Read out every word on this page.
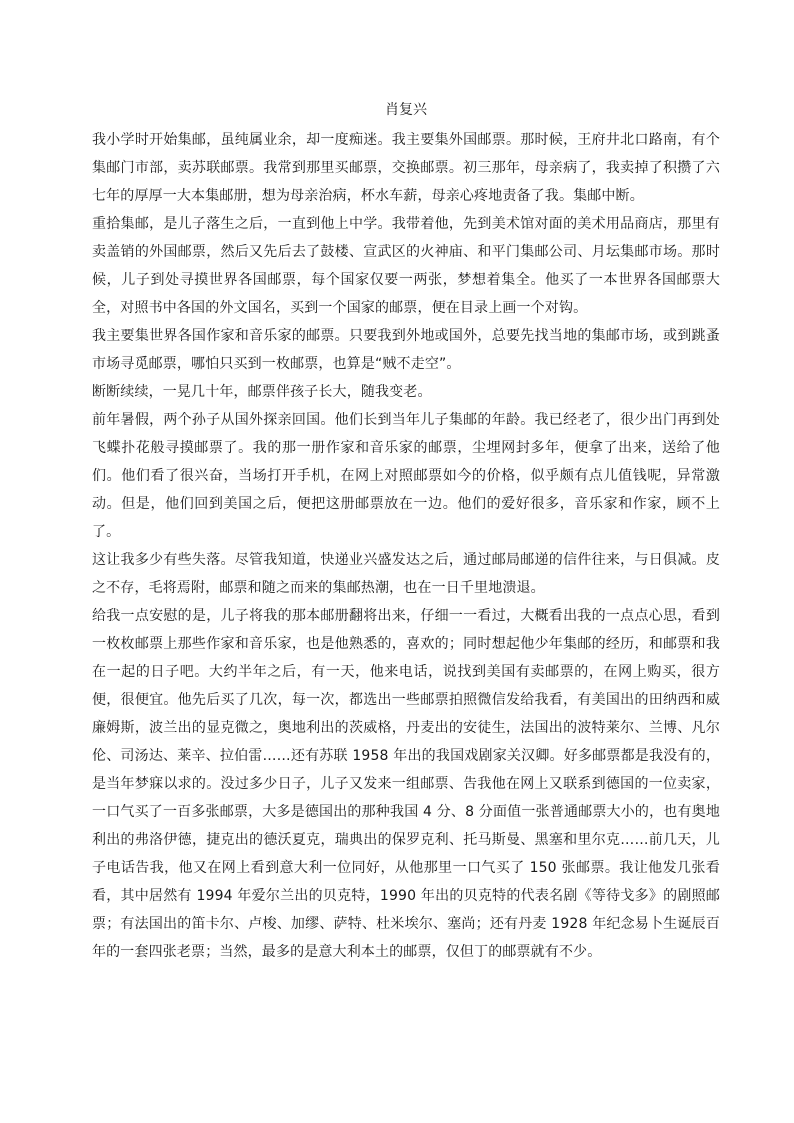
肖复兴

我小学时开始集邮，虽纯属业余，却一度痴迷。我主要集外国邮票。那时候，王府井北口路南，有个集邮门市部，卖苏联邮票。我常到那里买邮票，交换邮票。初三那年，母亲病了，我卖掉了积攒了六七年的厚厚一大本集邮册，想为母亲治病，杯水车薪，母亲心疼地责备了我。集邮中断。

重拾集邮，是儿子落生之后，一直到他上中学。我带着他，先到美术馆对面的美术用品商店，那里有卖盖销的外国邮票，然后又先后去了鼓楼、宣武区的火神庙、和平门集邮公司、月坛集邮市场。那时候，儿子到处寻摸世界各国邮票，每个国家仅要一两张，梦想着集全。他买了一本世界各国邮票大全，对照书中各国的外文国名，买到一个国家的邮票，便在目录上画一个对钩。

我主要集世界各国作家和音乐家的邮票。只要我到外地或国外，总要先找当地的集邮市场，或到跳蚤市场寻觅邮票，哪怕只买到一枚邮票，也算是“贼不走空”。

断断续续，一晃几十年，邮票伴孩子长大，随我变老。

前年暑假，两个孙子从国外探亲回国。他们长到当年儿子集邮的年龄。我已经老了，很少出门再到处飞蝶扑花般寻摸邮票了。我的那一册作家和音乐家的邮票，尘埋网封多年，便拿了出来，送给了他们。他们看了很兴奋，当场打开手机，在网上对照邮票如今的价格，似乎颇有点儿值钱呢，异常激动。但是，他们回到美国之后，便把这册邮票放在一边。他们的爱好很多，音乐家和作家，顾不上了。

这让我多少有些失落。尽管我知道，快递业兴盛发达之后，通过邮局邮递的信件往来，与日俱减。皮之不存，毛将焉附，邮票和随之而来的集邮热潮，也在一日千里地溃退。

给我一点安慰的是，儿子将我的那本邮册翻将出来，仔细一一看过，大概看出我的一点点心思，看到一枚枚邮票上那些作家和音乐家，也是他熟悉的，喜欢的；同时想起他少年集邮的经历，和邮票和我在一起的日子吧。大约半年之后，有一天，他来电话，说找到美国有卖邮票的，在网上购买，很方便，很便宜。他先后买了几次，每一次，都选出一些邮票拍照微信发给我看，有美国出的田纳西和威廉姆斯，波兰出的显克微之，奥地利出的茨威格，丹麦出的安徒生，法国出的波特莱尔、兰博、凡尔伦、司汤达、莱辛、拉伯雷……还有苏联 1958 年出的我国戏剧家关汉卿。好多邮票都是我没有的，是当年梦寐以求的。没过多少日子，儿子又发来一组邮票、告我他在网上又联系到德国的一位卖家，一口气买了一百多张邮票，大多是德国出的那种我国 4 分、8 分面值一张普通邮票大小的，也有奥地利出的弗洛伊德，捷克出的德沃夏克，瑞典出的保罗克利、托马斯曼、黑塞和里尔克……前几天，儿子电话告我，他又在网上看到意大利一位同好，从他那里一口气买了 150 张邮票。我让他发几张看看，其中居然有 1994 年爱尔兰出的贝克特，1990 年出的贝克特的代表名剧《等待戈多》的剧照邮票；有法国出的笛卡尔、卢梭、加缪、萨特、杜米埃尔、塞尚；还有丹麦 1928 年纪念易卜生诞辰百年的一套四张老票；当然，最多的是意大利本土的邮票，仅但丁的邮票就有不少。
